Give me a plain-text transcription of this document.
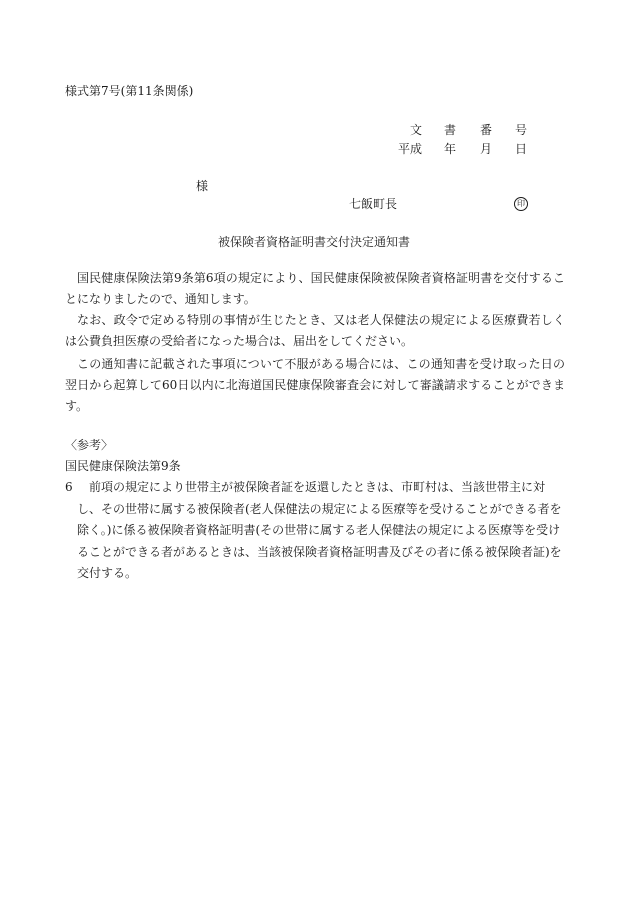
様式第7号(第11条関係)
文 書 番 号
平成 年 月 日
様
七飯町長	印
被保険者資格証明書交付決定通知書

国民健康保険法第9条第6項の規定により、国民健康保険被保険者資格証明書を交付することになりましたので、通知します。

なお、政令で定める特別の事情が生じたとき、又は老人保健法の規定による医療費若しくは公費負担医療の受給者になった場合は、届出をしてください。

この通知書に記載された事項について不服がある場合には、この通知書を受け取った日の翌日から起算して60日以内に北海道国民健康保険審査会に対して審議請求することができます。

〈参考〉
国民健康保険法第9条
6 前項の規定により世帯主が被保険者証を返還したときは、市町村は、当該世帯主に対し、その世帯に属する被保険者(老人保健法の規定による医療等を受けることができる者を除く。)に係る被保険者資格証明書(その世帯に属する老人保健法の規定による医療等を受けることができる者があるときは、当該被保険者資格証明書及びその者に係る被保険者証)を交付する。
